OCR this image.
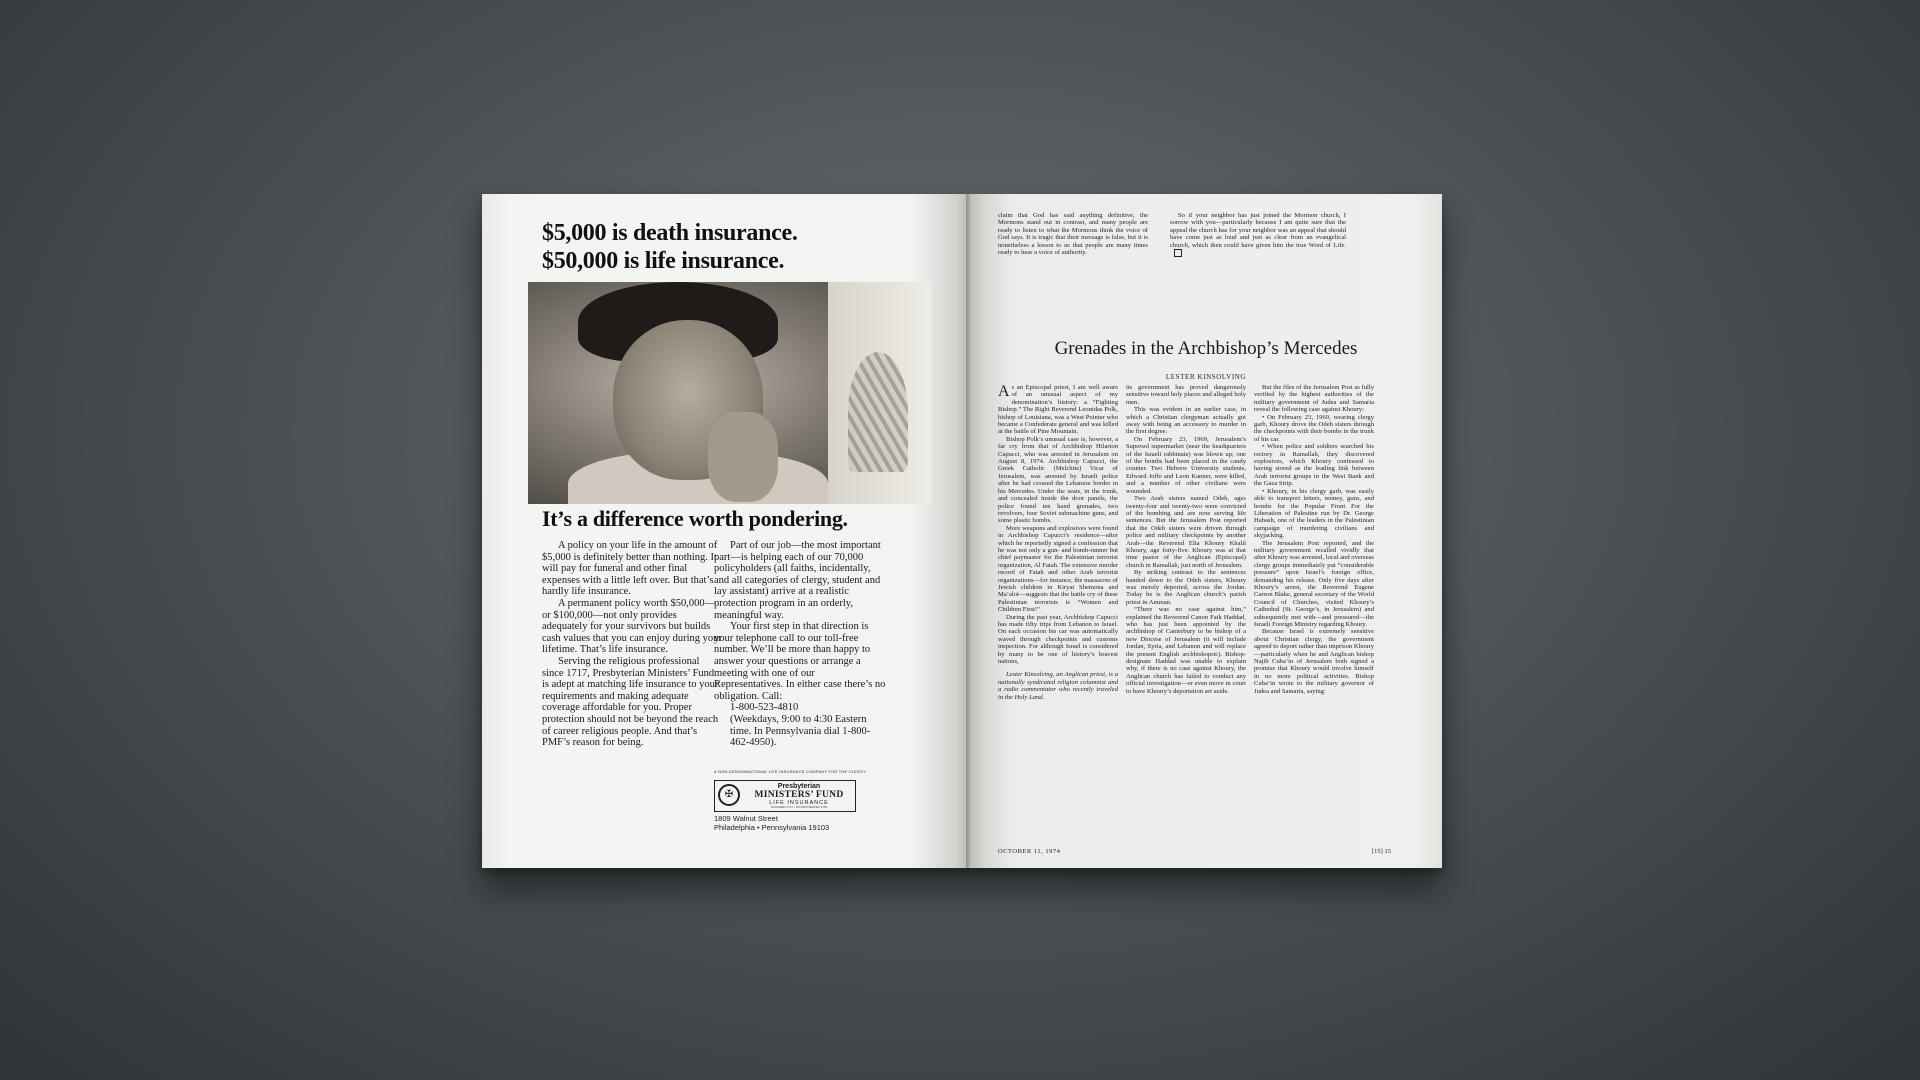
$5,000 is death insurance.
$50,000 is life insurance.
It’s a difference worth pondering.

A policy on your life in the amount of $5,000 is definitely better than nothing. It will pay for funeral and other final expenses with a little left over. But that’s hardly life insurance.

A permanent policy worth $50,000—or $100,000—not only provides adequately for your survivors but builds cash values that you can enjoy during your lifetime. That’s life insurance.

Serving the religious professional since 1717, Presbyterian Ministers’ Fund is adept at matching life insurance to your requirements and making adequate coverage affordable for you. Proper protection should not be beyond the reach of career religious people. And that’s PMF’s reason for being.

Part of our job—the most important part—is helping each of our 70,000 policyholders (all faiths, incidentally, and all categories of clergy, student and lay assistant) arrive at a realistic protection program in an orderly, meaningful way.

Your first step in that direction is your telephone call to our toll-free number. We’ll be more than happy to answer your questions or arrange a meeting with one of our Representatives. In either case there’s no obligation. Call:

1-800-523-4810

(Weekdays, 9:00 to 4:30 Eastern time. In Pennsylvania dial 1-800-462-4950).

A NON-DENOMINATIONAL LIFE INSURANCE COMPANY FOR THE CLERGY
✠
Presbyterian
MINISTERS’ FUND
LIFE INSURANCE
FOUNDED 1717 • INCORPORATED 1759
1809 Walnut Street
Philadelphia • Pennsylvania 19103

claim that God has said anything definitive, the Mormons stand out in contrast, and many people are ready to listen to what the Mormons think the voice of God says. It is tragic that their message is false, but it is nonetheless a lesson to us that people are many times ready to hear a voice of authority.

So if your neighbor has just joined the Mormon church, I sorrow with you—particularly because I am quite sure that the appeal the church has for your neighbor was an appeal that should have come just as loud and just as clear from an evangelical church, which then could have given him the true Word of Life.

Grenades in the Archbishop’s Mercedes
LESTER KINSOLVING

As an Episcopal priest, I am well aware of an unusual aspect of my denomination’s history: a “Fighting Bishop.” The Right Reverend Leonidas Polk, bishop of Louisiana, was a West Pointer who became a Confederate general and was killed at the battle of Pine Mountain.

Bishop Polk’s unusual case is, however, a far cry from that of Archbishop Hilarion Capucci, who was arrested in Jerusalem on August 8, 1974. Archbishop Capucci, the Greek Catholic (Melchite) Vicar of Jerusalem, was arrested by Israeli police after he had crossed the Lebanese border in his Mercedes. Under the seats, in the trunk, and concealed inside the door panels, the police found ten hand grenades, two revolvers, four Soviet submachine guns, and some plastic bombs.

More weapons and explosives were found in Archbishop Capucci’s residence—after which he reportedly signed a confession that he was not only a gun- and bomb-runner but chief paymaster for the Palestinian terrorist organization, Al Fatah. The extensive murder record of Fatah and other Arab terrorist organizations—for instance, the massacres of Jewish children in Kiryat Shemona and Ma’alot—suggests that the battle cry of these Palestinian terrorists is “Women and Children First!”

During the past year, Archbishop Capucci has made fifty trips from Lebanon to Israel. On each occasion his car was automatically waved through checkpoints and customs inspection. For although Israel is considered by many to be one of history’s bravest nations,

Lester Kinsolving, an Anglican priest, is a nationally syndicated religion columnist and a radio commentator who recently traveled in the Holy Land.

its government has proved dangerously sensitive toward holy places and alleged holy men.

This was evident in an earlier case, in which a Christian clergyman actually got away with being an accessory to murder in the first degree.

On February 23, 1969, Jerusalem’s Supersol supermarket (near the headquarters of the Israeli rabbinate) was blown up; one of the bombs had been placed in the candy counter. Two Hebrew University students, Edward Joffe and Leon Kanner, were killed, and a number of other civilians were wounded.

Two Arab sisters named Odeh, ages twenty-four and twenty-two were convicted of the bombing and are now serving life sentences. But the Jerusalem Post reported that the Odeh sisters were driven through police and military checkpoints by another Arab—the Reverend Elia Khoury Khalil Khoury, age forty-five. Khoury was at that time pastor of the Anglican (Episcopal) church in Ramallah, just north of Jerusalem.

By striking contrast to the sentences handed down to the Odeh sisters, Khoury was merely deported, across the Jordan. Today he is the Anglican church’s parish priest in Amman.

“There was no case against him,” explained the Reverend Canon Faik Haddad, who has just been appointed by the archbishop of Canterbury to be bishop of a new Diocese of Jerusalem (it will include Jordan, Syria, and Lebanon and will replace the present English archbishopric). Bishop-designate Haddad was unable to explain why, if there is no case against Khoury, the Anglican church has failed to conduct any official investigation—or even move in court to have Khoury’s deportation set aside.

But the files of the Jerusalem Post as fully verified by the highest authorities of the military government of Judea and Samaria reveal the following case against Khoury:

• On February 23, 1969, wearing clergy garb, Khoury drove the Odeh sisters through the checkpoints with their bombs in the trunk of his car.

• When police and soldiers searched his rectory in Ramallah, they discovered explosives, which Khoury confessed to having stored as the leading link between Arab terrorist groups in the West Bank and the Gaza Strip.

• Khoury, in his clergy garb, was easily able to transport letters, money, guns, and bombs for the Popular Front For the Liberation of Palestine run by Dr. George Habash, one of the leaders in the Palestinian campaign of murdering civilians and skyjacking.

The Jerusalem Post reported, and the military government recalled vividly that after Khoury was arrested, local and overseas clergy groups immediately put “considerable pressure” upon Israel’s foreign office, demanding his release. Only five days after Khoury’s arrest, the Reverend Eugene Carson Blake, general secretary of the World Council of Churches, visited Khoury’s Cathedral (St. George’s, in Jerusalem) and subsequently met with—and pressured—the Israeli Foreign Ministry regarding Khoury.

Because Israel is extremely sensitive about Christian clergy, the government agreed to deport rather than imprison Khoury—particularly when he and Anglican bishop Najib Cuba’in of Jerusalem both signed a promise that Khoury would involve himself in no more political activities. Bishop Cuba’in wrote to the military governor of Judea and Samaria, saying:

OCTOBER 11, 1974	[15] 15
